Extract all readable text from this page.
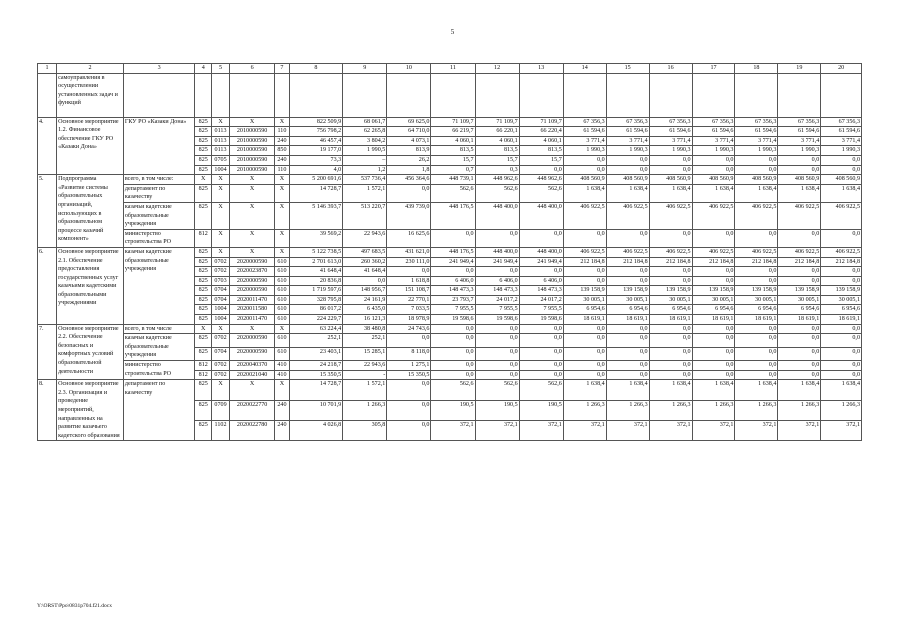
5
1	2	3	4	5	6	7	8	9	10	11	12	13	14	15	16	17	18	19	20
	самоуправления в осуществлении установленных задач и функций																		
4.	Основное мероприятие 1.2. Финансовое обеспечение ГКУ РО «Казаки Дона»	ГКУ РО «Казаки Дона»	825	X	X	X	822 509,9	68 061,7	69 625,0	71 109,7	71 109,7	71 109,7	67 356,3	67 356,3	67 356,3	67 356,3	67 356,3	67 356,3	67 356,3
			825	0113	2010000590	110	756 798,2	62 265,8	64 710,0	66 219,7	66 220,1	66 220,4	61 594,6	61 594,6	61 594,6	61 594,6	61 594,6	61 594,6	61 594,6
			825	0113	2010000590	240	46 457,4	3 804,2	4 073,1	4 060,1	4 060,1	4 060,1	3 771,4	3 771,4	3 771,4	3 771,4	3 771,4	3 771,4	3 771,4
			825	0113	2010000590	850	19 177,0	1 990,5	813,9	813,5	813,5	813,5	1 990,3	1 990,3	1 990,3	1 990,3	1 990,3	1 990,3	1 990,3
			825	0705	2010000590	240	73,3	–	26,2	15,7	15,7	15,7	0,0	0,0	0,0	0,0	0,0	0,0	0,0
			825	1004	2010000590	110	4,0	1,2	1,8	0,7	0,3	0,0	0,0	0,0	0,0	0,0	0,0	0,0	0,0
5.	Подпрограмма «Развитие системы образовательных организаций, использующих в образовательном процессе казачий компонент»	всего, в том числе:	X	X	X	X	5 200 691,6	537 736,4	456 364,6	448 739,1	448 962,6	448 962,6	408 560,9	408 560,9	408 560,9	408 560,9	408 560,9	408 560,9	408 560,9
		департамент по казачеству	825	X	X	X	14 728,7	1 572,1	0,0	562,6	562,6	562,6	1 638,4	1 638,4	1 638,4	1 638,4	1 638,4	1 638,4	1 638,4
		казачьи кадетские образовательные учреждения	825	X	X	X	5 146 393,7	513 220,7	439 739,0	448 176,5	448 400,0	448 400,0	406 922,5	406 922,5	406 922,5	406 922,5	406 922,5	406 922,5	406 922,5
		министерство строительства РО	812	X	X	X	39 569,2	22 943,6	16 625,6	0,0	0,0	0,0	0,0	0,0	0,0	0,0	0,0	0,0	0,0
6.	Основное мероприятие 2.1. Обеспечение предоставления государственных услуг казачьими кадетскими образовательными учреждениями	казачьи кадетские образовательные учреждения	825	X	X	X	5 122 738,5	497 683,5	431 621,0	448 176,5	448 400,0	448 400,0	406 922,5	406 922,5	406 922,5	406 922,5	406 922,5	406 922,5	406 922,5
			825	0702	2020000590	610	2 701 613,0	260 360,2	230 111,0	241 949,4	241 949,4	241 949,4	212 184,8	212 184,8	212 184,8	212 184,8	212 184,8	212 184,8	212 184,8
			825	0702	2020023870	610	41 648,4	41 648,4	0,0	0,0	0,0	0,0	0,0	0,0	0,0	0,0	0,0	0,0	0,0
			825	0703	2020000590	610	20 836,8	0,0	1 618,8	6 406,0	6 406,0	6 406,0	0,0	0,0	0,0	0,0	0,0	0,0	0,0
			825	0704	2020000590	610	1 719 597,6	148 956,7	151 108,7	148 473,3	148 473,3	148 473,3	139 158,9	139 158,9	139 158,9	139 158,9	139 158,9	139 158,9	139 158,9
			825	0704	2020011470	610	328 795,8	24 161,9	22 770,1	23 793,7	24 017,2	24 017,2	30 005,1	30 005,1	30 005,1	30 005,1	30 005,1	30 005,1	30 005,1
			825	1004	2020011580	610	86 017,2	6 435,0	7 033,5	7 955,5	7 955,5	7 955,5	6 954,6	6 954,6	6 954,6	6 954,6	6 954,6	6 954,6	6 954,6
			825	1004	2020011470	610	224 229,7	16 121,3	18 978,9	19 598,6	19 598,6	19 598,6	18 619,1	18 619,1	18 619,1	18 619,1	18 619,1	18 619,1	18 619,1
7.	Основное мероприятие 2.2. Обеспечение безопасных и комфортных условий образовательной деятельности	всего, в том числе	X	X	X	X	63 224,4	38 480,8	24 743,6	0,0	0,0	0,0	0,0	0,0	0,0	0,0	0,0	0,0	0,0
		казачьи кадетские образовательные учреждения	825	0702	2020000590	610	252,1	252,1	0,0	0,0	0,0	0,0	0,0	0,0	0,0	0,0	0,0	0,0	0,0
			825	0704	2020000590	610	23 403,1	15 285,1	8 118,0	0,0	0,0	0,0	0,0	0,0	0,0	0,0	0,0	0,0	0,0
		министерство строительства РО	812	0702	2020040370	410	24 218,7	22 943,6	1 275,1	0,0	0,0	0,0	0,0	0,0	0,0	0,0	0,0	0,0	0,0
			812	0702	2020021040	410	15 350,5	-	15 350,5	0,0	0,0	0,0	0,0	0,0	0,0	0,0	0,0	0,0	0,0
8.	Основное мероприятие 2.3. Организация и проведение мероприятий, направленных на развитие казачьего кадетского образования	департамент по казачеству	825	X	X	X	14 728,7	1 572,1	0,0	562,6	562,6	562,6	1 638,4	1 638,4	1 638,4	1 638,4	1 638,4	1 638,4	1 638,4
			825	0709	2020022770	240	10 701,9	1 266,3	0,0	190,5	190,5	190,5	1 266,3	1 266,3	1 266,3	1 266,3	1 266,3	1 266,3	1 266,3
			825	1102	2020022780	240	4 026,8	305,8	0,0	372,1	372,1	372,1	372,1	372,1	372,1	372,1	372,1	372,1	372,1
Y:\ORST\Ppo\0831p704.f21.docx
